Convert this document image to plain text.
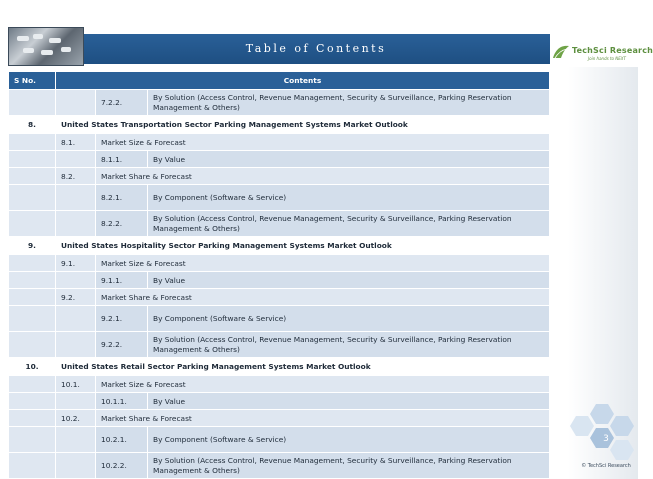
Table of Contents	TechSci Research
Join hands to NEXT
S No.	Contents		
		7.2.2.	By Solution (Access Control, Revenue Management, Security & Surveillance, Parking Reservation Management & Others)
8.	United States Transportation Sector Parking Management Systems Market Outlook		
	8.1.	Market Size & Forecast	
		8.1.1.	By Value
	8.2.	Market Share & Forecast	
		8.2.1.	By Component (Software & Service)
		8.2.2.	By Solution (Access Control, Revenue Management, Security & Surveillance, Parking Reservation Management & Others)
9.	United States Hospitality Sector Parking Management Systems Market Outlook		
	9.1.	Market Size & Forecast	
		9.1.1.	By Value
	9.2.	Market Share & Forecast	
		9.2.1.	By Component (Software & Service)
		9.2.2.	By Solution (Access Control, Revenue Management, Security & Surveillance, Parking Reservation Management & Others)
10.	United States Retail Sector Parking Management Systems Market Outlook		
	10.1.	Market Size & Forecast	
		10.1.1.	By Value
	10.2.	Market Share & Forecast	
		10.2.1.	By Component (Software & Service)
		10.2.2.	By Solution (Access Control, Revenue Management, Security & Surveillance, Parking Reservation Management & Others)
3
© TechSci Research
